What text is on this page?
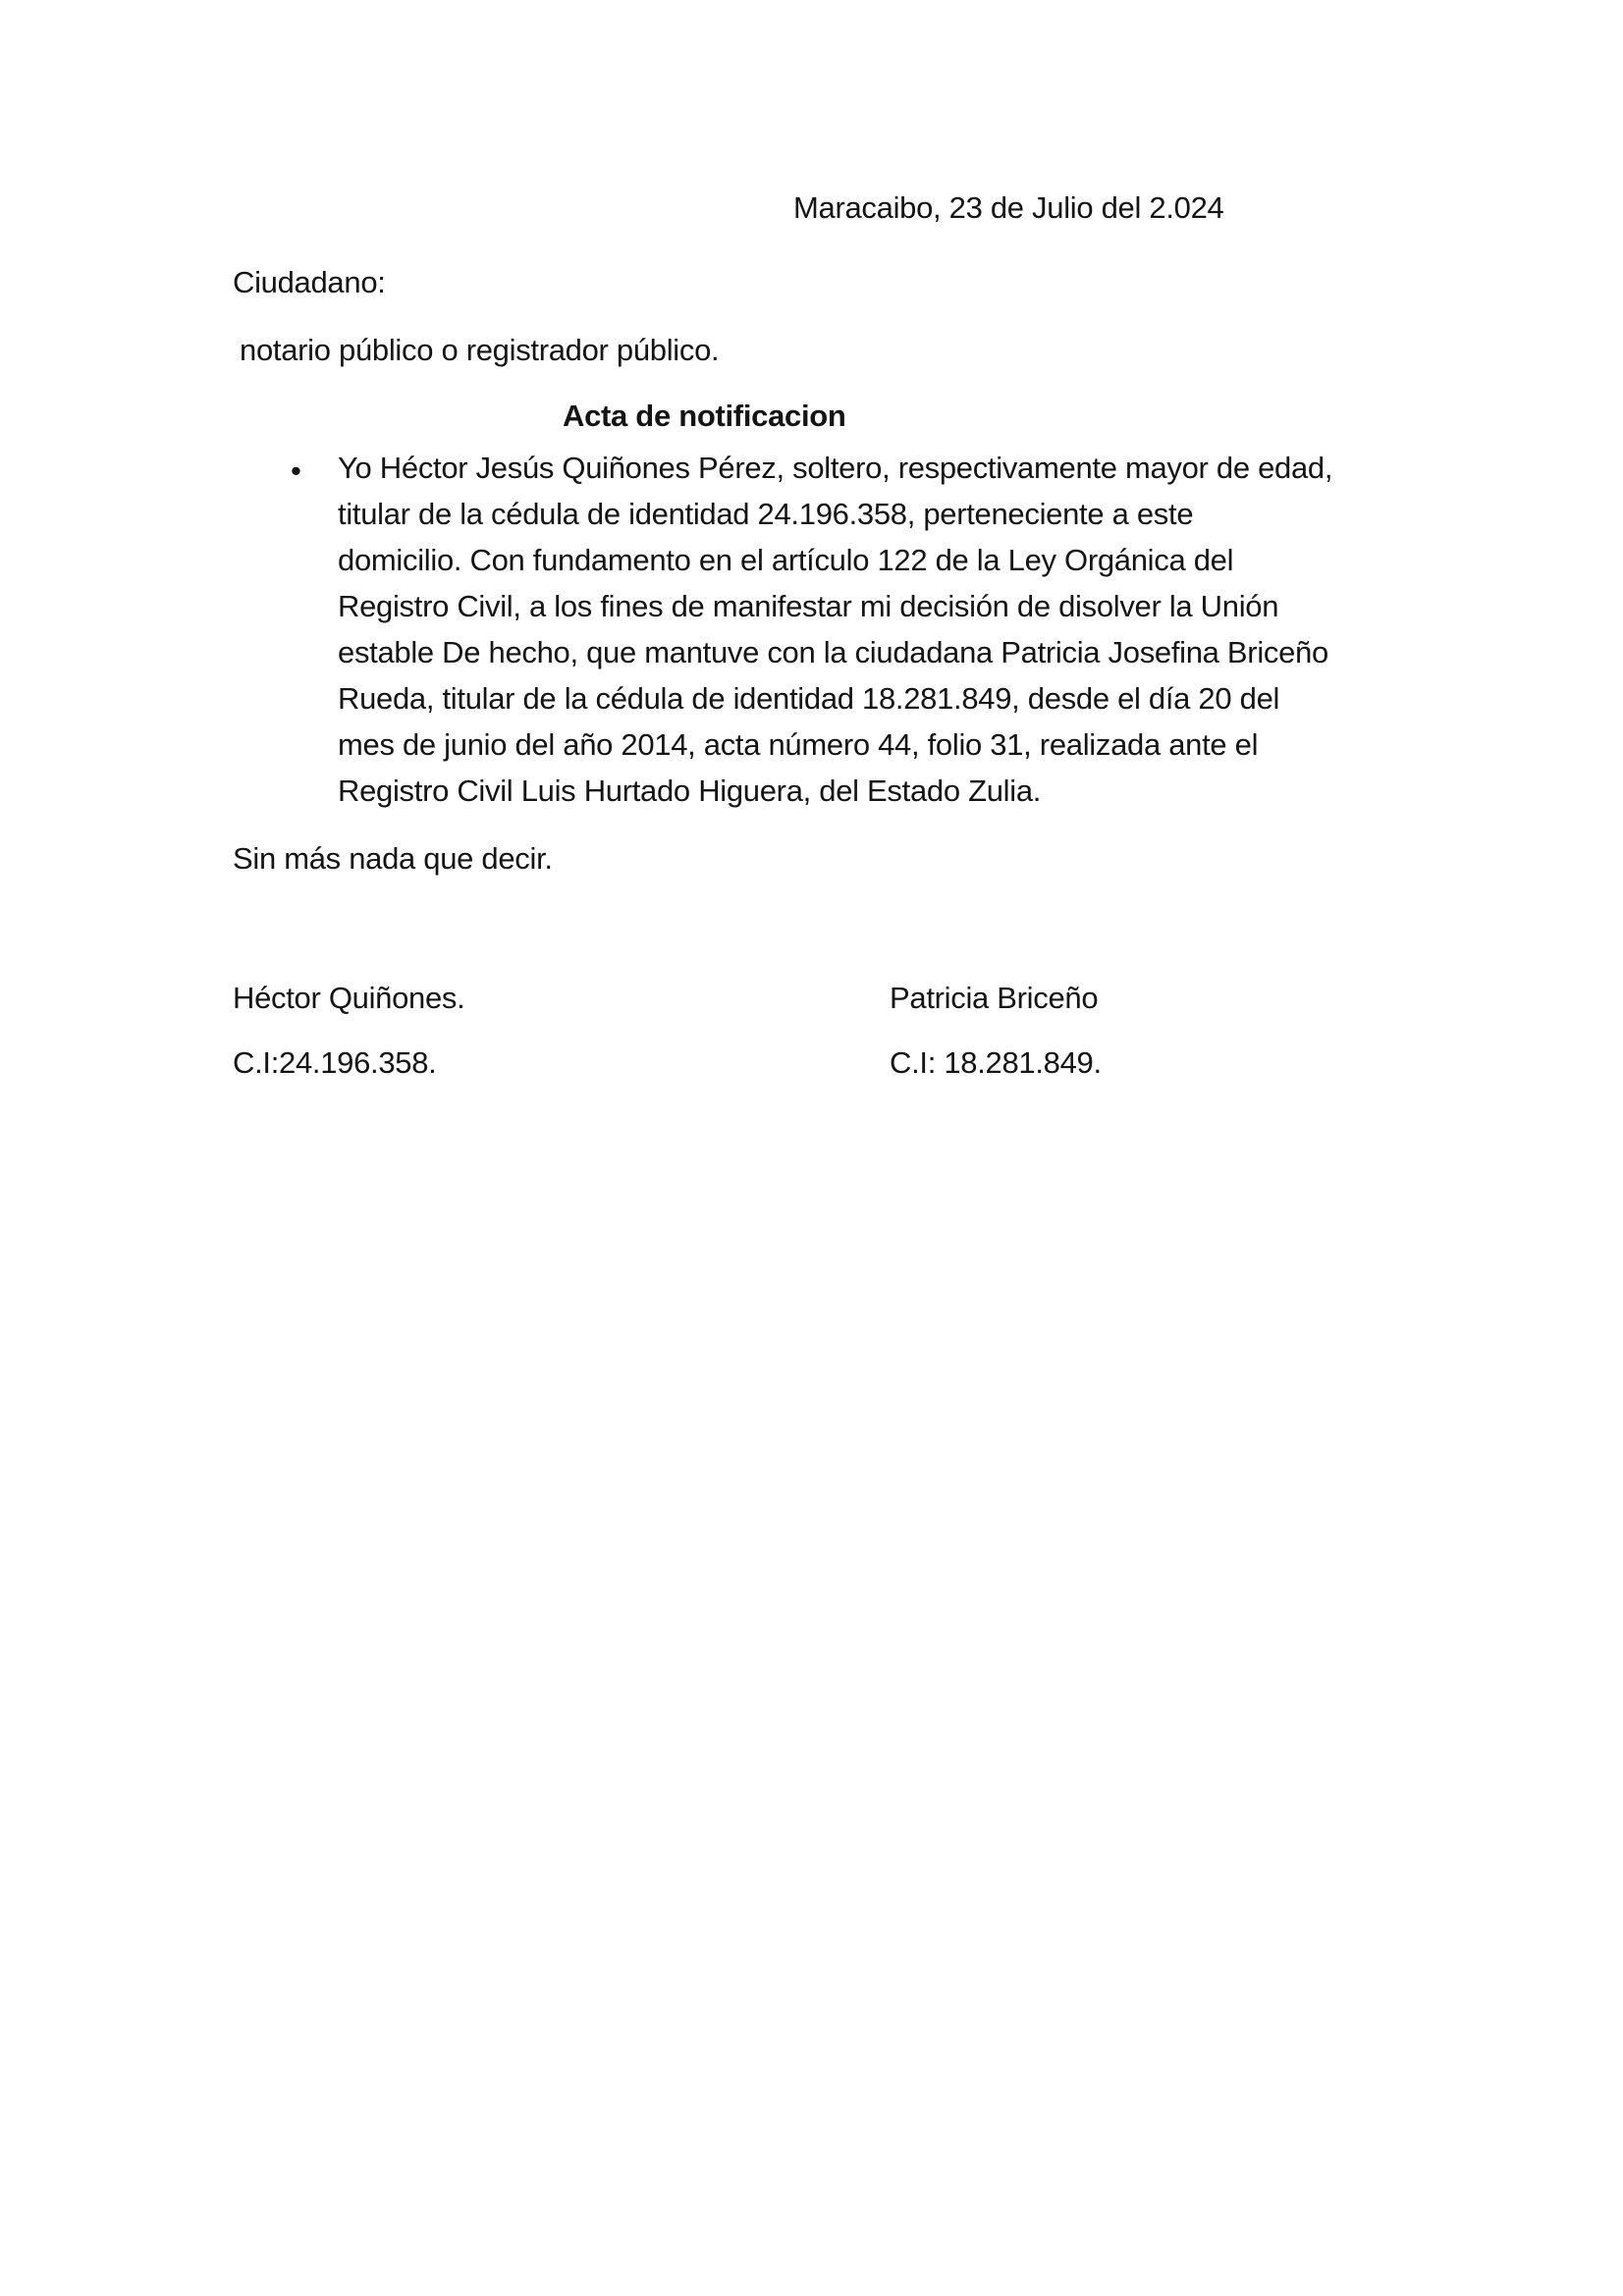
Maracaibo, 23 de Julio del 2.024
Ciudadano:
notario público o registrador público.
Acta de notificacion
• Yo Héctor Jesús Quiñones Pérez, soltero, respectivamente mayor de edad,
titular de la cédula de identidad 24.196.358, perteneciente a este
domicilio. Con fundamento en el artículo 122 de la Ley Orgánica del
Registro Civil, a los fines de manifestar mi decisión de disolver la Unión
estable De hecho, que mantuve con la ciudadana Patricia Josefina Briceño
Rueda, titular de la cédula de identidad 18.281.849, desde el día 20 del
mes de junio del año 2014, acta número 44, folio 31, realizada ante el
Registro Civil Luis Hurtado Higuera, del Estado Zulia.
Sin más nada que decir.
Héctor Quiñones.	Patricia Briceño
C.I:24.196.358.	C.I: 18.281.849.
